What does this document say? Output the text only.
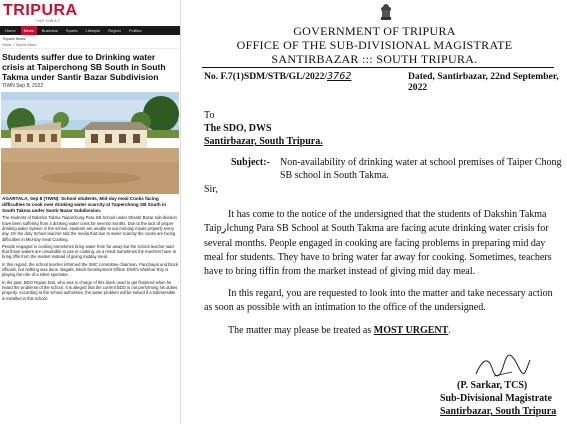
TRIPURA
INFOWAY
Home	News	Business	Sports	Lifestyle	Region	Politics
Tripura News
Home > Tripura News
Students suffer due to Drinking water crisis at Taiperchong SB South in South Takma under Santir Bazar Subdivision
TIWN Sep 8, 2022
AGARTALA, Sep 8 (TIWN): School students, Mid-day meal Cooks facing difficulties to cook over drinking water scarcity at Taiperchong SB South in South Takma under Santir Bazar Subdivision.
The students of Dakshin Takma Taiparchung Para SB School under Shantir Bazar sub-division have been suffering from a drinking water crisis for several months. Due to the lack of proper drinking water system in the school, students are unable to eat mid-day meals properly every day. On the duty School teacher told the media that due to water scarcity the cooks are facing difficulties in Mid-day meal Cooking.
People engaged in cooking sometimes bring water from far away but the school teacher said that those waters are unsuitable to use in cooking, as a result sometimes the teachers have to bring tiffin from the market instead of giving midday meal.
In this regard, the school teacher informed the SMC committee chairman, Panchayat and block officials, but nothing was done. Bagafa, Block Development Officer Dhrithi Shekhar Roy is playing the role of a silent spectator.
In the past, BDO Rupan Das, who was in charge of this block used to get flustered when he heard the problems of the school. It is alleged that the current BDO is not performing his duties properly. According to the school authorities, the water problem will be solved if a submersible is installed in this school.
GOVERNMENT OF TRIPURA
OFFICE OF THE SUB-DIVISIONAL MAGISTRATE
SANTIRBAZAR ::: SOUTH TRIPURA.
No. F.7(1)SDM/STB/GL/2022/3762	Dated, Santirbazar, 22nd September, 2022
To
The SDO, DWS
Santirbazar, South Tripura.
Subject:- Non-availability of drinking water at school premises of Taiper Chong
SB school in South Takma.
Sir,
It has come to the notice of the undersigned that the students of Dakshin Takma
Taipارchung Para SB School at South Takma are facing acute drinking water crisis for
several months. People engaged in cooking are facing problems in preparing mid day
meal for students. They have to bring water far away for cooking. Sometimes, teachers
have to bring tiffin from the market instead of giving mid day meal.
In this regard, you are requested to look into the matter and take necessary action
as soon as possible with an intimation to the office of the undersigned.
The matter may please be treated as MOST URGENT.
(P. Sarkar, TCS)
Sub-Divisional Magistrate
Santirbazar, South Tripura
